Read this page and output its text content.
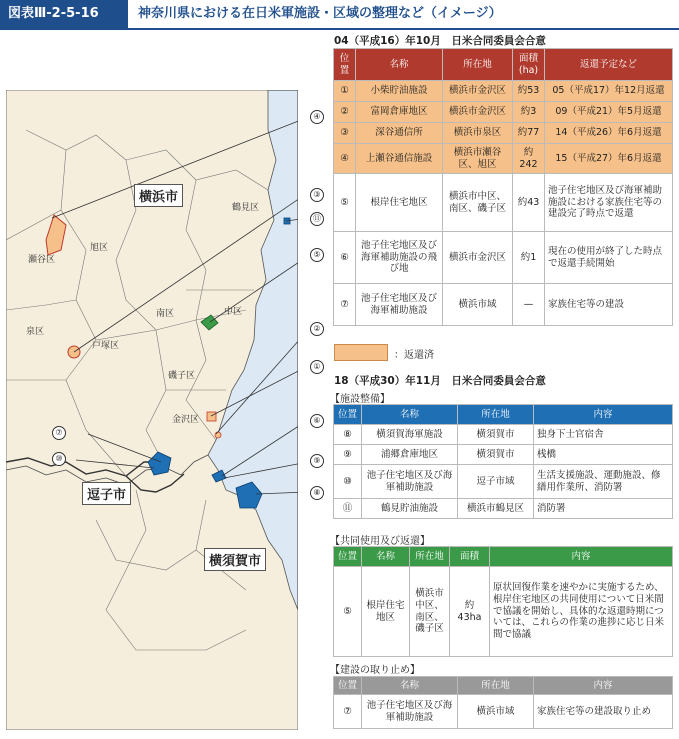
図表Ⅲ-2-5-16	神奈川県における在日米軍施設・区域の整理など（イメージ）
横浜市
逗子市
横須賀市
鶴見区
旭区
瀬谷区
泉区
戸塚区
南区	中区
磯子区
金沢区
④
③
⑪
⑤
②
①
⑥
⑦
⑩	⑨
⑧
04（平成16）年10月　日米合同委員会合意
位置	名称	所在地	面積(ha)	返還予定など
①	小柴貯油施設	横浜市金沢区	約53	05（平成17）年12月返還
②	富岡倉庫地区	横浜市金沢区	約3	09（平成21）年5月返還
③	深谷通信所	横浜市泉区	約77	14（平成26）年6月返還
④	上瀬谷通信施設	横浜市瀬谷区、旭区	約242	15（平成27）年6月返還
⑤	根岸住宅地区	横浜市中区、南区、磯子区	約43	池子住宅地区及び海軍補助施設における家族住宅等の建設完了時点で返還
⑥	池子住宅地区及び海軍補助施設の飛び地	横浜市金沢区	約1	現在の使用が終了した時点で返還手続開始
⑦	池子住宅地区及び海軍補助施設	横浜市域	—	家族住宅等の建設
：返還済
18（平成30）年11月　日米合同委員会合意
【施設整備】
位置	名称	所在地	内容
⑧	横須賀海軍施設	横須賀市	独身下士官宿舎
⑨	浦郷倉庫地区	横須賀市	桟橋
⑩	池子住宅地区及び海軍補助施設	逗子市域	生活支援施設、運動施設、修繕用作業所、消防署
⑪	鶴見貯油施設	横浜市鶴見区	消防署
【共同使用及び返還】
位置	名称	所在地	面積	内容
⑤	根岸住宅地区	横浜市中区、南区、磯子区	約43ha	原状回復作業を速やかに実施するため、根岸住宅地区の共同使用について日米間で協議を開始し、具体的な返還時期については、これらの作業の進捗に応じ日米間で協議
【建設の取り止め】
位置	名称	所在地	内容
⑦	池子住宅地区及び海軍補助施設	横浜市域	家族住宅等の建設取り止め
